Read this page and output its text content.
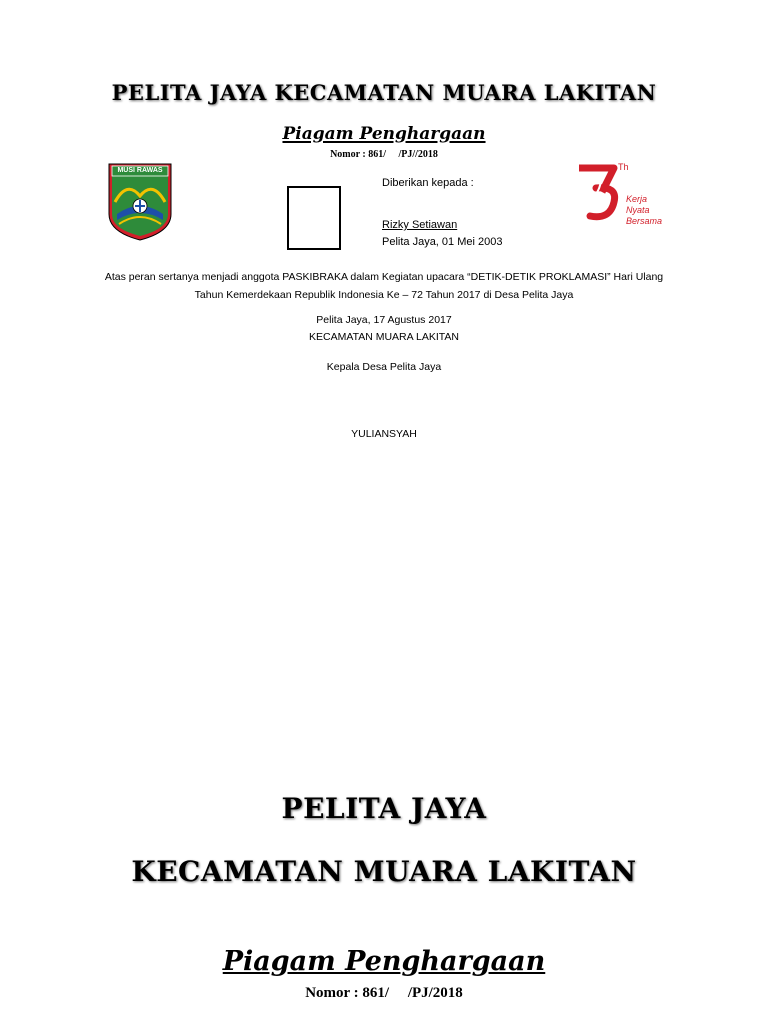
PELITA JAYA KECAMATAN MUARA LAKITAN
Piagam Penghargaan
Nomor : 861/     /PJ//2018
MUSI RAWAS
Diberikan kepada :
Rizky Setiawan
Pelita Jaya, 01 Mei 2003
Th
Kerja
Nyata
Bersama
Atas peran sertanya menjadi anggota PASKIBRAKA dalam Kegiatan upacara “DETIK-DETIK PROKLAMASI” Hari Ulang
Tahun Kemerdekaan Republik Indonesia Ke – 72 Tahun 2017 di Desa Pelita Jaya
Pelita Jaya, 17 Agustus 2017
KECAMATAN MUARA LAKITAN
Kepala Desa Pelita Jaya
YULIANSYAH
PELITA JAYA
KECAMATAN MUARA LAKITAN
Piagam Penghargaan
Nomor : 861/     /PJ/2018
